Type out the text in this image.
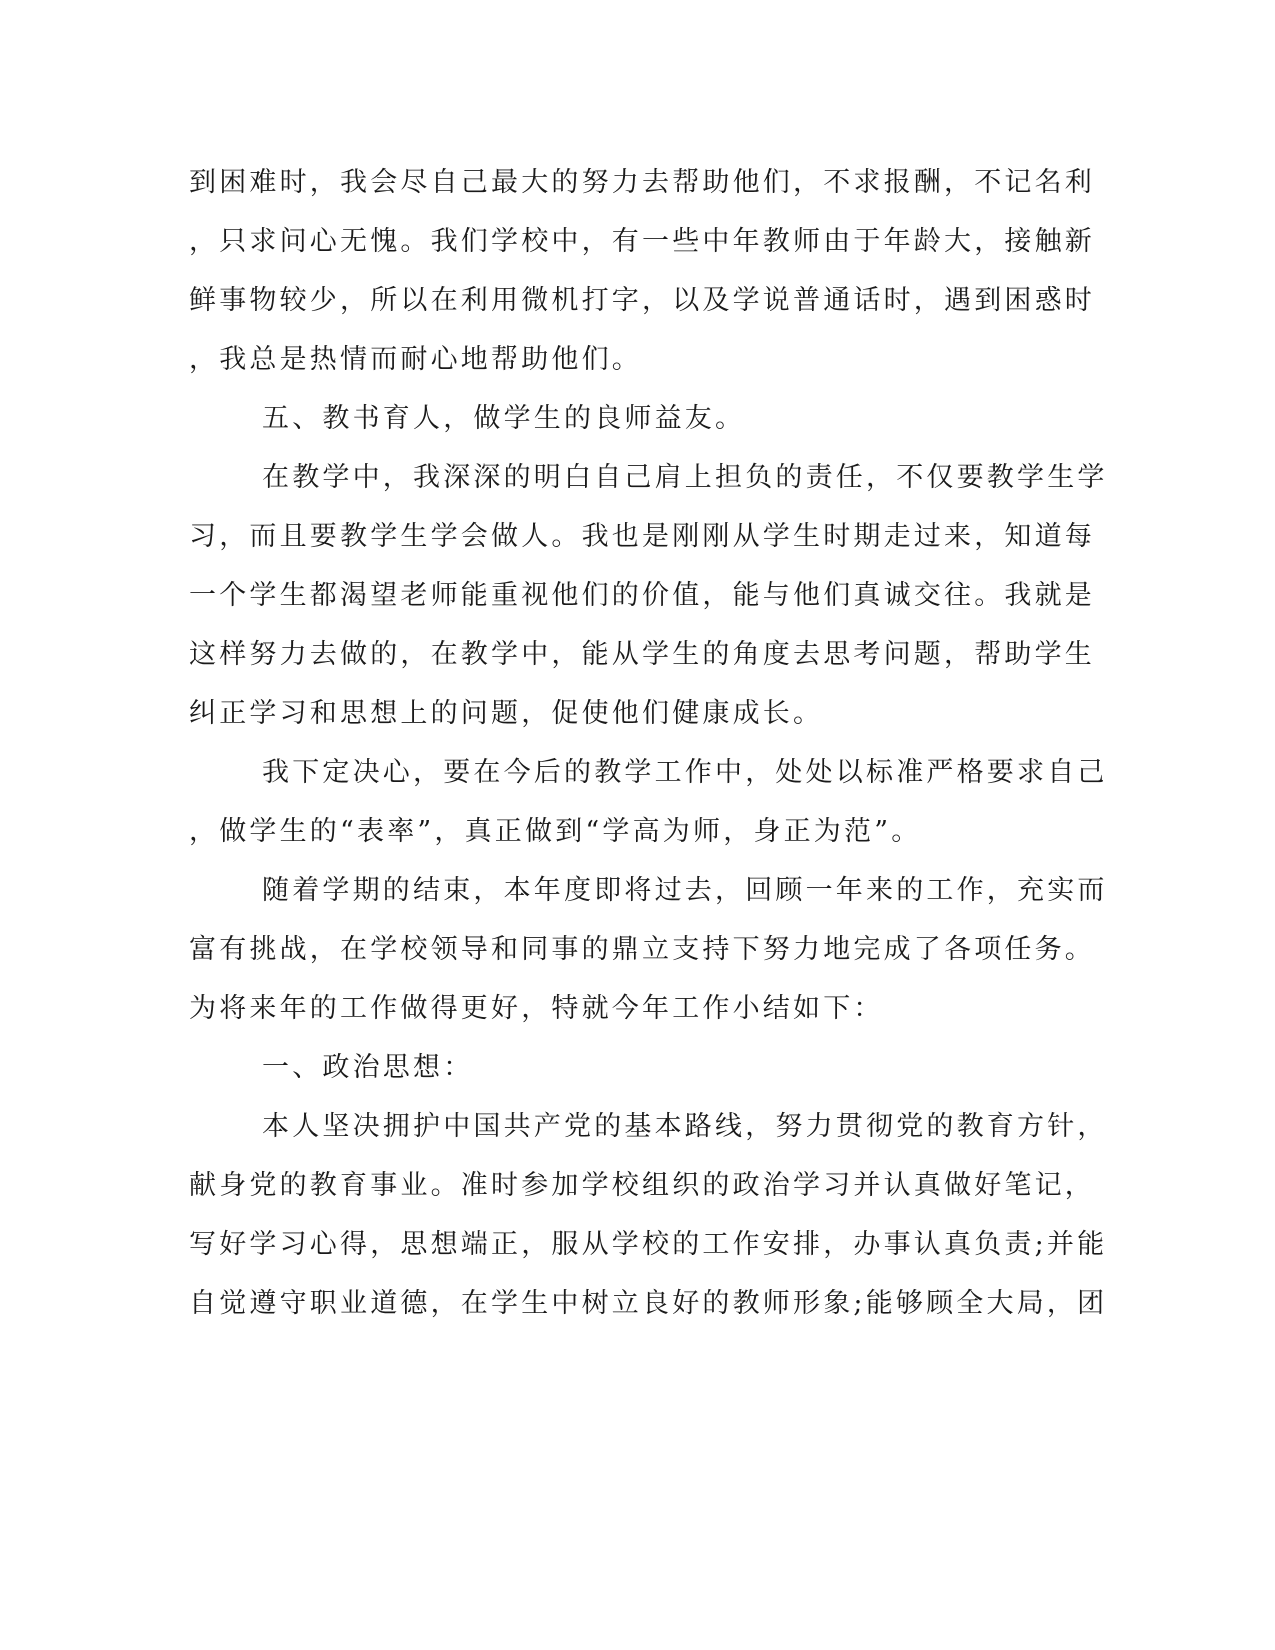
到困难时，我会尽自己最大的努力去帮助他们，不求报酬，不记名利
，只求问心无愧。我们学校中，有一些中年教师由于年龄大，接触新
鲜事物较少，所以在利用微机打字，以及学说普通话时，遇到困惑时
，我总是热情而耐心地帮助他们。
五、教书育人，做学生的良师益友。
在教学中，我深深的明白自己肩上担负的责任，不仅要教学生学
习，而且要教学生学会做人。我也是刚刚从学生时期走过来，知道每
一个学生都渴望老师能重视他们的价值，能与他们真诚交往。我就是
这样努力去做的，在教学中，能从学生的角度去思考问题，帮助学生
纠正学习和思想上的问题，促使他们健康成长。
我下定决心，要在今后的教学工作中，处处以标准严格要求自己
，做学生的“表率”，真正做到“学高为师，身正为范”。
随着学期的结束，本年度即将过去，回顾一年来的工作，充实而
富有挑战，在学校领导和同事的鼎立支持下努力地完成了各项任务。
为将来年的工作做得更好，特就今年工作小结如下：
一、政治思想：
本人坚决拥护中国共产党的基本路线，努力贯彻党的教育方针，
献身党的教育事业。准时参加学校组织的政治学习并认真做好笔记，
写好学习心得，思想端正，服从学校的工作安排，办事认真负责;并能
自觉遵守职业道德，在学生中树立良好的教师形象;能够顾全大局，团
